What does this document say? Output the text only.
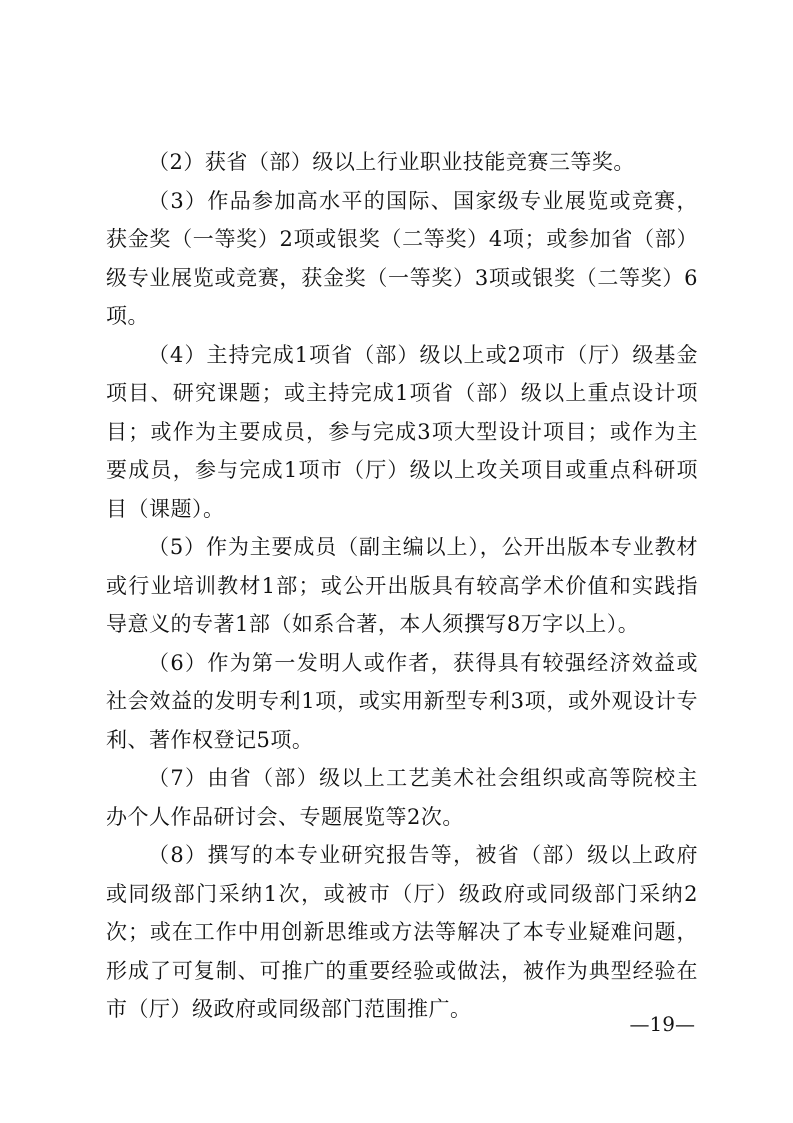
（2）获省（部）级以上行业职业技能竞赛三等奖。

（3）作品参加高水平的国际、国家级专业展览或竞赛，获金奖（一等奖）2项或银奖（二等奖）4项；或参加省（部）级专业展览或竞赛，获金奖（一等奖）3项或银奖（二等奖）6项。

（4）主持完成1项省（部）级以上或2项市（厅）级基金项目、研究课题；或主持完成1项省（部）级以上重点设计项目；或作为主要成员，参与完成3项大型设计项目；或作为主要成员，参与完成1项市（厅）级以上攻关项目或重点科研项目（课题）。

（5）作为主要成员（副主编以上），公开出版本专业教材或行业培训教材1部；或公开出版具有较高学术价值和实践指导意义的专著1部（如系合著，本人须撰写8万字以上）。

（6）作为第一发明人或作者，获得具有较强经济效益或社会效益的发明专利1项，或实用新型专利3项，或外观设计专利、著作权登记5项。

（7）由省（部）级以上工艺美术社会组织或高等院校主办个人作品研讨会、专题展览等2次。

（8）撰写的本专业研究报告等，被省（部）级以上政府或同级部门采纳1次，或被市（厅）级政府或同级部门采纳2次；或在工作中用创新思维或方法等解决了本专业疑难问题，形成了可复制、可推广的重要经验或做法，被作为典型经验在市（厅）级政府或同级部门范围推广。

—19—
